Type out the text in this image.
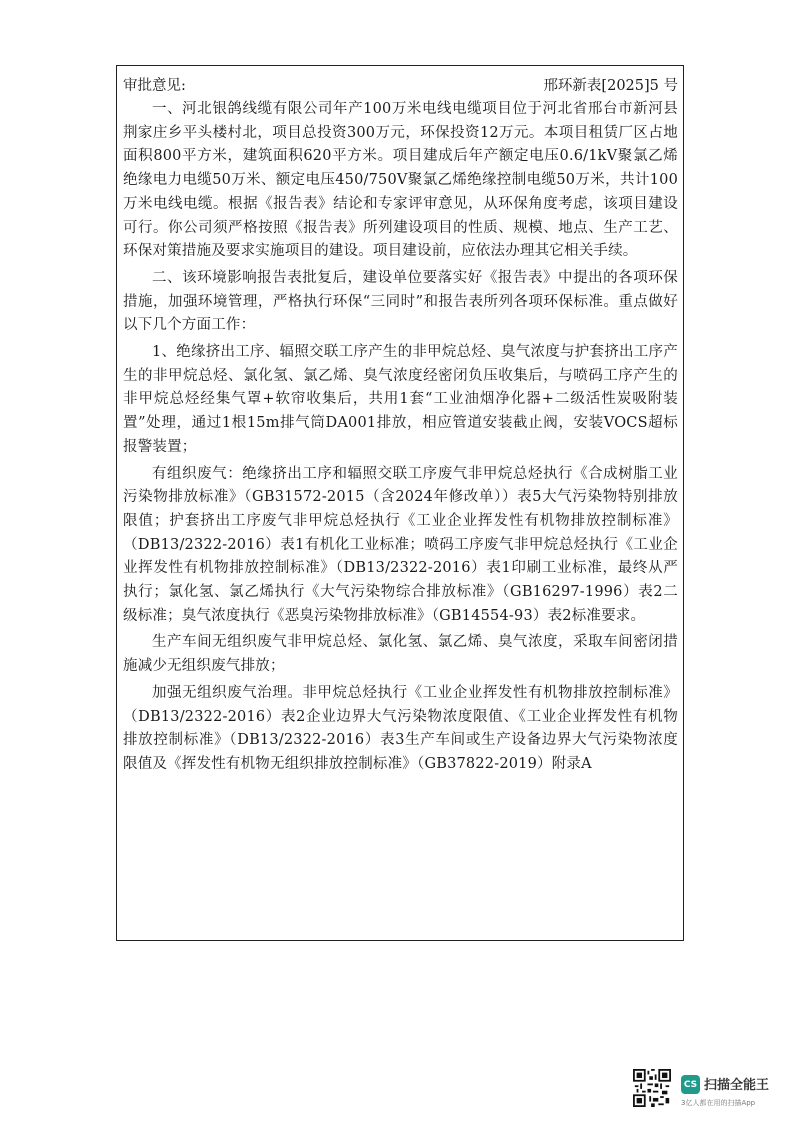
审批意见:	邢环新表[2025]5 号

一、河北银鸽线缆有限公司年产100万米电线电缆项目位于河北省邢台市新河县荆家庄乡平头楼村北，项目总投资300万元，环保投资12万元。本项目租赁厂区占地面积800平方米，建筑面积620平方米。项目建成后年产额定电压0.6/1kV聚氯乙烯绝缘电力电缆50万米、额定电压450/750V聚氯乙烯绝缘控制电缆50万米，共计100万米电线电缆。根据《报告表》结论和专家评审意见，从环保角度考虑，该项目建设可行。你公司须严格按照《报告表》所列建设项目的性质、规模、地点、生产工艺、环保对策措施及要求实施项目的建设。项目建设前，应依法办理其它相关手续。

二、该环境影响报告表批复后，建设单位要落实好《报告表》中提出的各项环保措施，加强环境管理，严格执行环保“三同时”和报告表所列各项环保标准。重点做好以下几个方面工作：

1、绝缘挤出工序、辐照交联工序产生的非甲烷总烃、臭气浓度与护套挤出工序产生的非甲烷总烃、氯化氢、氯乙烯、臭气浓度经密闭负压收集后，与喷码工序产生的非甲烷总烃经集气罩+软帘收集后，共用1套“工业油烟净化器+二级活性炭吸附装置”处理，通过1根15m排气筒DA001排放，相应管道安装截止阀，安装VOCS超标报警装置；

有组织废气：绝缘挤出工序和辐照交联工序废气非甲烷总烃执行《合成树脂工业污染物排放标准》（GB31572-2015（含2024年修改单））表5大气污染物特别排放限值；护套挤出工序废气非甲烷总烃执行《工业企业挥发性有机物排放控制标准》（DB13/2322-2016）表1有机化工业标准；喷码工序废气非甲烷总烃执行《工业企业挥发性有机物排放控制标准》（DB13/2322-2016）表1印刷工业标准，最终从严执行；氯化氢、氯乙烯执行《大气污染物综合排放标准》（GB16297-1996）表2二级标准；臭气浓度执行《恶臭污染物排放标准》（GB14554-93）表2标准要求。

生产车间无组织废气非甲烷总烃、氯化氢、氯乙烯、臭气浓度，采取车间密闭措施减少无组织废气排放；

加强无组织废气治理。非甲烷总烃执行《工业企业挥发性有机物排放控制标准》（DB13/2322-2016）表2企业边界大气污染物浓度限值、《工业企业挥发性有机物排放控制标准》（DB13/2322-2016）表3生产车间或生产设备边界大气污染物浓度限值及《挥发性有机物无组织排放控制标准》（GB37822-2019）附录A

CS 扫描全能王
3亿人都在用的扫描App
